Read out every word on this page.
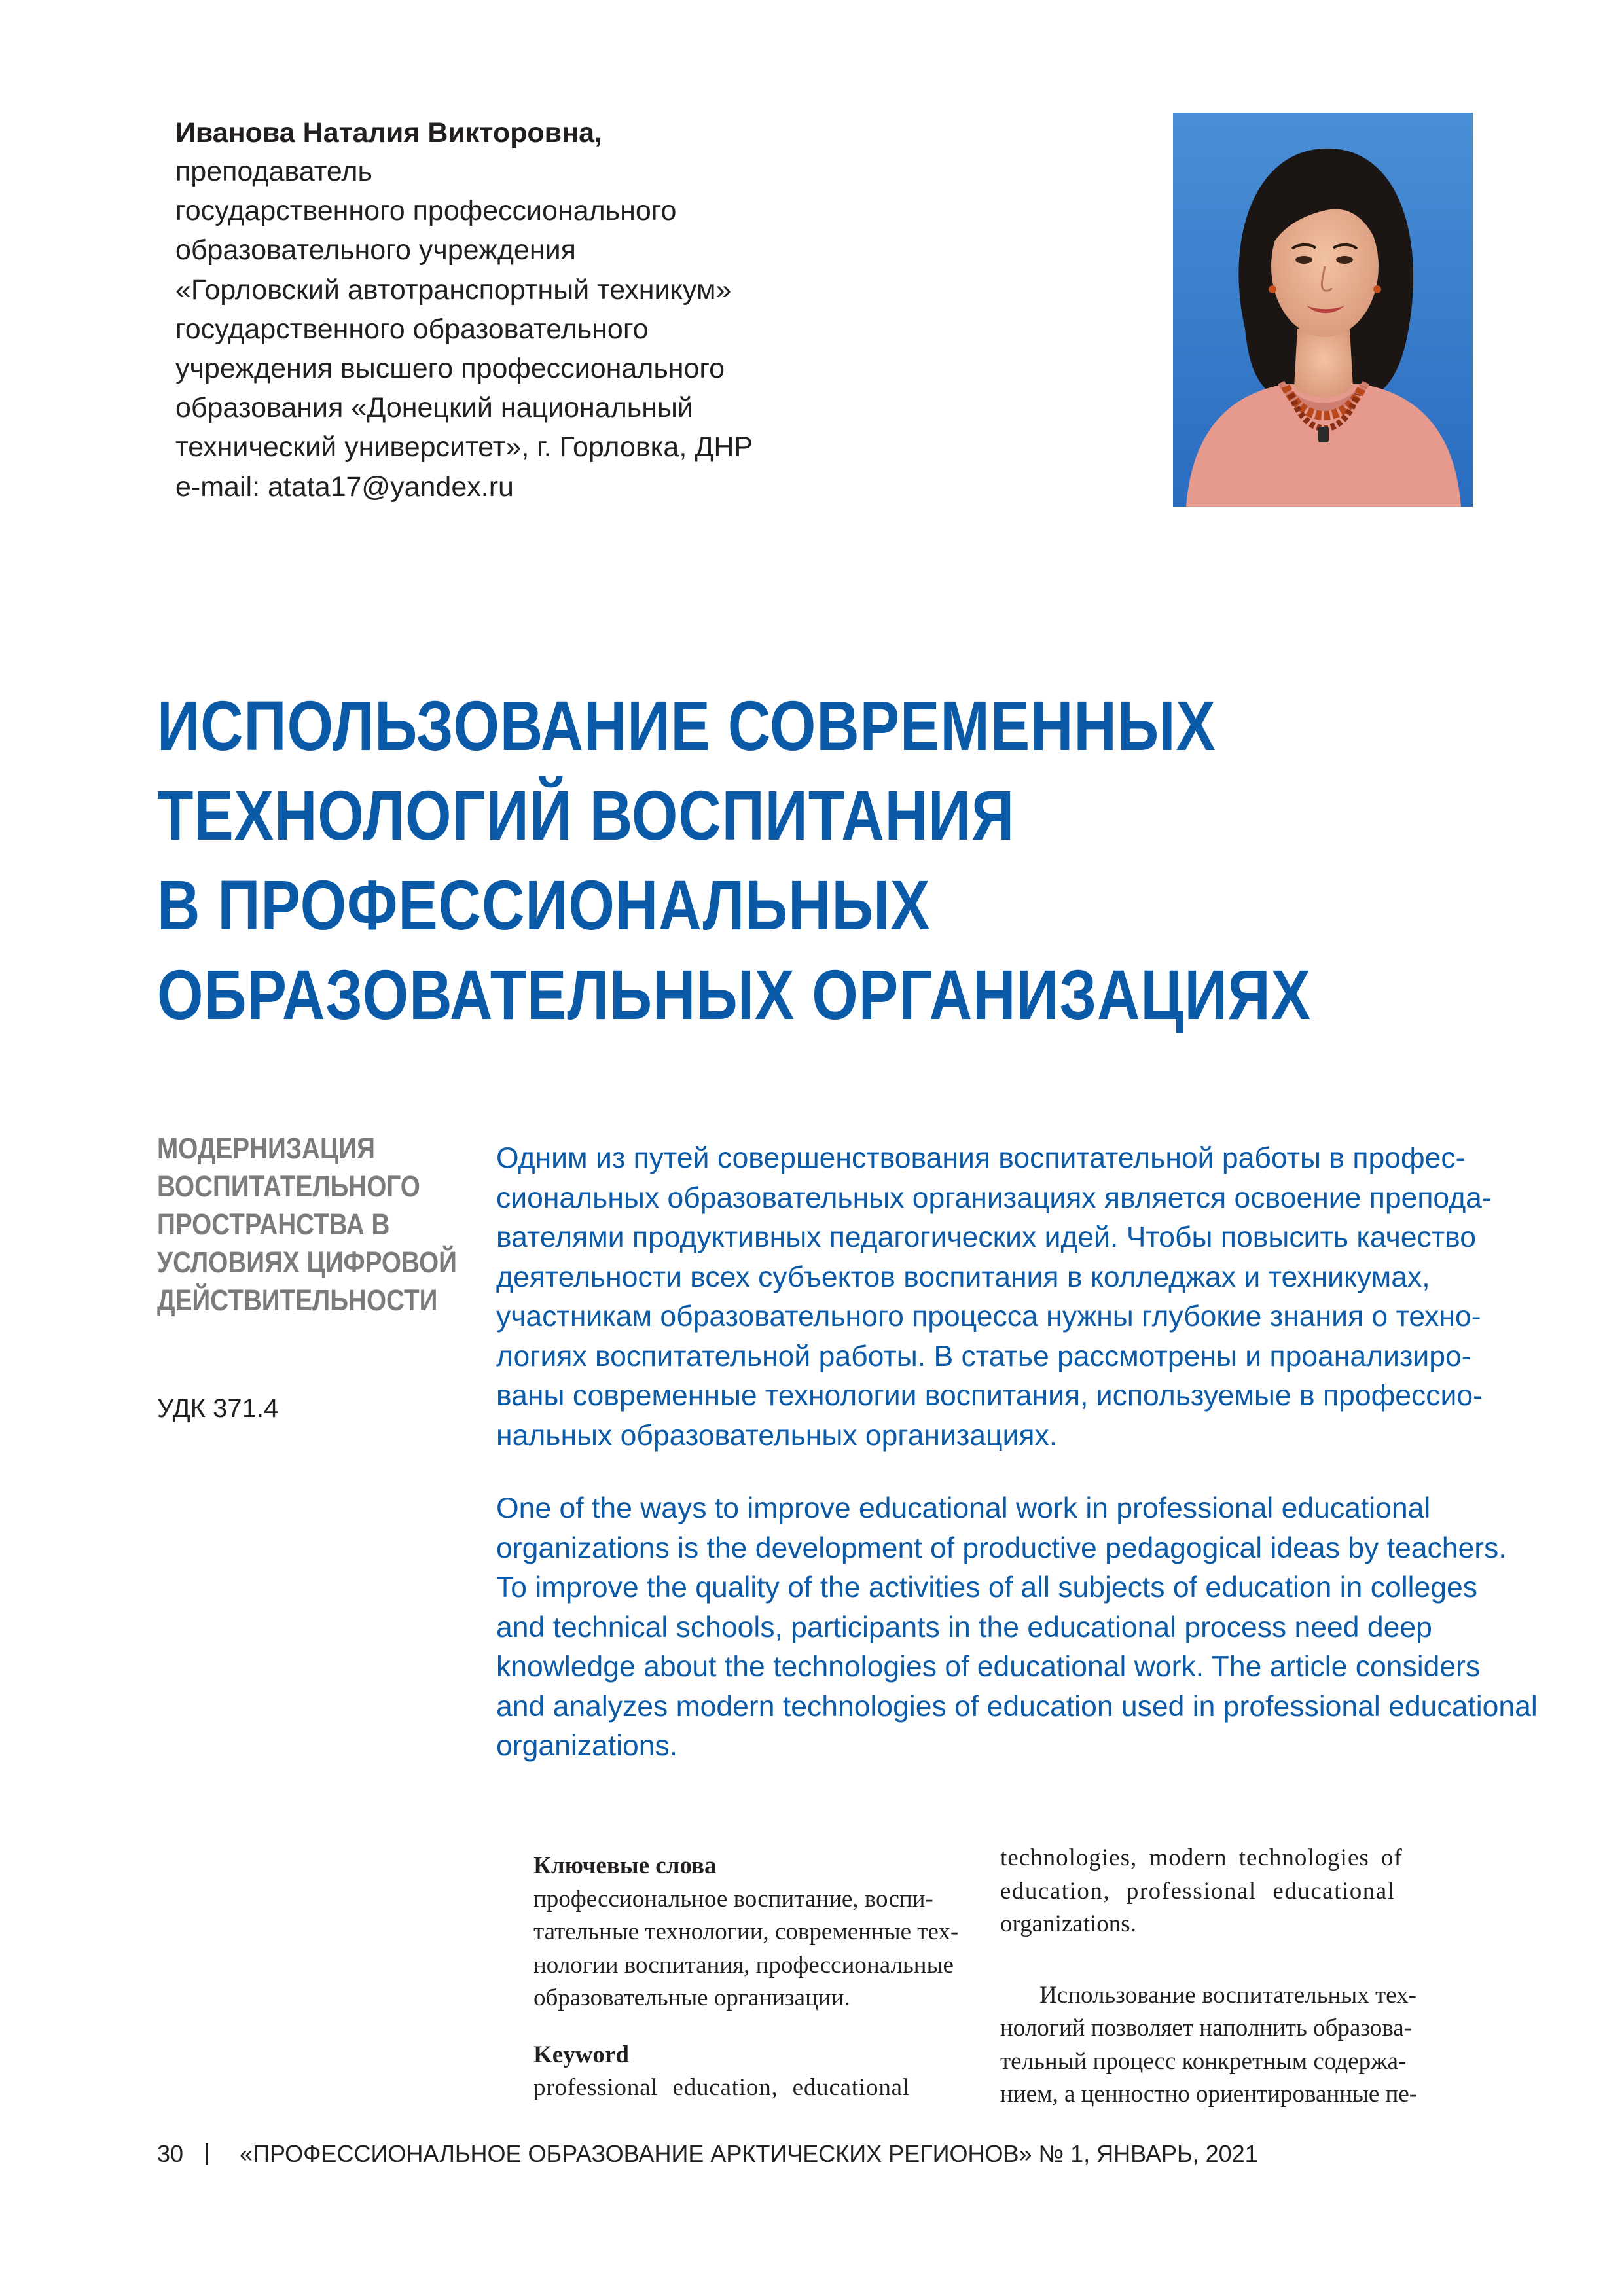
Иванова Наталия Викторовна,
преподаватель
государственного профессионального
образовательного учреждения
«Горловский автотранспортный техникум»
государственного образовательного
учреждения высшего профессионального
образования «Донецкий национальный
технический университет», г. Горловка, ДНР
e-mail: atata17@yandex.ru
ИСПОЛЬЗОВАНИЕ СОВРЕМЕННЫХ
ТЕХНОЛОГИЙ ВОСПИТАНИЯ
В ПРОФЕССИОНАЛЬНЫХ
ОБРАЗОВАТЕЛЬНЫХ ОРГАНИЗАЦИЯХ
МОДЕРНИЗАЦИЯ
ВОСПИТАТЕЛЬНОГО
ПРОСТРАНСТВА В
УСЛОВИЯХ ЦИФРОВОЙ
ДЕЙСТВИТЕЛЬНОСТИ
УДК 371.4
Одним из путей совершенствования воспитательной работы в профес-
сиональных образовательных организациях является освоение препода-
вателями продуктивных педагогических идей. Чтобы повысить качество
деятельности всех субъектов воспитания в колледжах и техникумах,
участникам образовательного процесса нужны глубокие знания о техно-
логиях воспитательной работы. В статье рассмотрены и проанализиро-
ваны современные технологии воспитания, используемые в профессио-
нальных образовательных организациях.
One of the ways to improve educational work in professional educational
organizations is the development of productive pedagogical ideas by teachers.
To improve the quality of the activities of all subjects of education in colleges
and technical schools, participants in the educational process need deep
knowledge about the technologies of educational work. The article considers
and analyzes modern technologies of education used in professional educational
organizations.
Ключевые слова
профессиональное воспитание, воспи-
тательные технологии, современные тех-
нологии воспитания, профессиональные
образовательные организации.
Keyword
professional education, educational
technologies, modern technologies of
education, professional educational
organizations.
Использование воспитательных тех-
нологий позволяет наполнить образова-
тельный процесс конкретным содержа-
нием, а ценностно ориентированные пе-
30 «ПРОФЕССИОНАЛЬНОЕ ОБРАЗОВАНИЕ АРКТИЧЕСКИХ РЕГИОНОВ» № 1, ЯНВАРЬ, 2021
